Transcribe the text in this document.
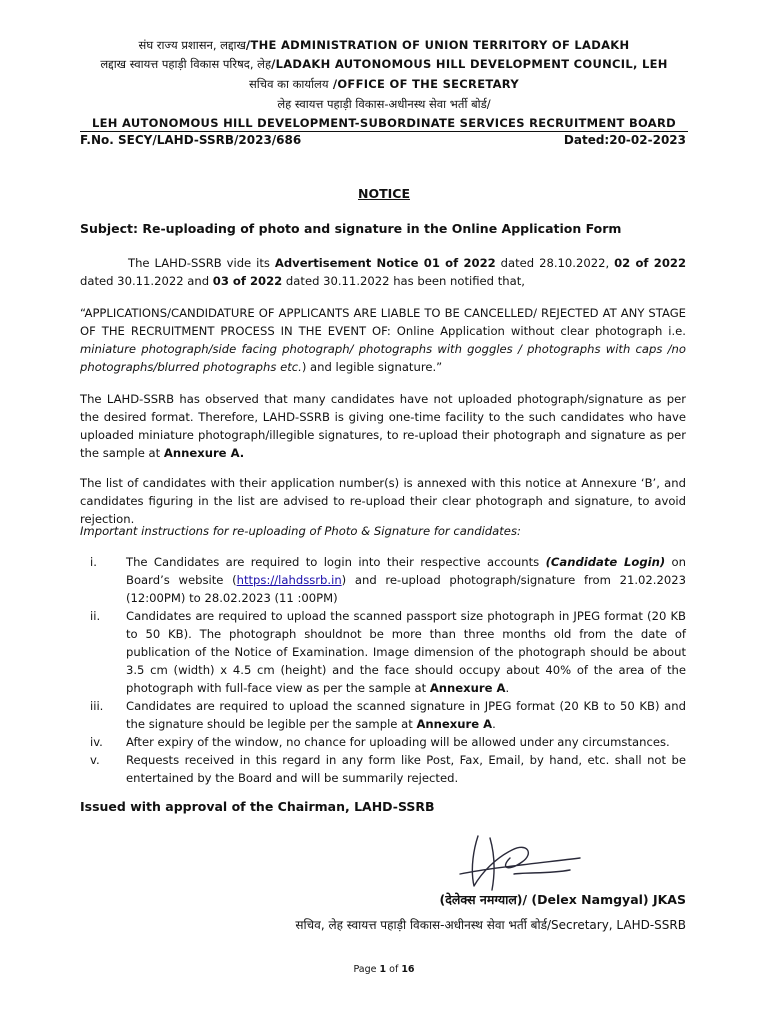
संघ राज्य प्रशासन, लद्दाख/THE ADMINISTRATION OF UNION TERRITORY OF LADAKH
लद्दाख स्वायत्त पहाड़ी विकास परिषद, लेह/LADAKH AUTONOMOUS HILL DEVELOPMENT COUNCIL, LEH
सचिव का कार्यालय /OFFICE OF THE SECRETARY
लेह स्वायत्त पहाड़ी विकास-अधीनस्थ सेवा भर्ती बोर्ड/
LEH AUTONOMOUS HILL DEVELOPMENT-SUBORDINATE SERVICES RECRUITMENT BOARD
F.No. SECY/LAHD-SSRB/2023/686	Dated:20-02-2023
NOTICE
Subject: Re-uploading of photo and signature in the Online Application Form
The LAHD-SSRB vide its Advertisement Notice 01 of 2022 dated 28.10.2022, 02 of 2022 dated 30.11.2022 and 03 of 2022 dated 30.11.2022 has been notified that,
“APPLICATIONS/CANDIDATURE OF APPLICANTS ARE LIABLE TO BE CANCELLED/ REJECTED AT ANY STAGE OF THE RECRUITMENT PROCESS IN THE EVENT OF: Online Application without clear photograph i.e. miniature photograph/side facing photograph/ photographs with goggles / photographs with caps /no photographs/blurred photographs etc.) and legible signature.”
The LAHD-SSRB has observed that many candidates have not uploaded photograph/signature as per the desired format. Therefore, LAHD-SSRB is giving one-time facility to the such candidates who have uploaded miniature photograph/illegible signatures, to re-upload their photograph and signature as per the sample at Annexure A.
The list of candidates with their application number(s) is annexed with this notice at Annexure ‘B’, and candidates figuring in the list are advised to re-upload their clear photograph and signature, to avoid rejection.
Important instructions for re-uploading of Photo & Signature for candidates:
i.	The Candidates are required to login into their respective accounts (Candidate Login) on Board’s website (https://lahdssrb.in) and re-upload photograph/signature from 21.02.2023 (12:00PM) to 28.02.2023 (11 :00PM)
ii. Candidates are required to upload the scanned passport size photograph in JPEG format (20 KB to 50 KB). The photograph shouldnot be more than three months old from the date of publication of the Notice of Examination. Image dimension of the photograph should be about 3.5 cm (width) x 4.5 cm (height) and the face should occupy about 40% of the area of the photograph with full-face view as per the sample at Annexure A.
iii. Candidates are required to upload the scanned signature in JPEG format (20 KB to 50 KB) and the signature should be legible per the sample at Annexure A.
iv. After expiry of the window, no chance for uploading will be allowed under any circumstances.
v. Requests received in this regard in any form like Post, Fax, Email, by hand, etc. shall not be entertained by the Board and will be summarily rejected.
Issued with approval of the Chairman, LAHD-SSRB
(देलेक्स नमग्याल)/ (Delex Namgyal) JKAS
सचिव, लेह स्वायत्त पहाड़ी विकास-अधीनस्थ सेवा भर्ती बोर्ड/Secretary, LAHD-SSRB
Page 1 of 16
